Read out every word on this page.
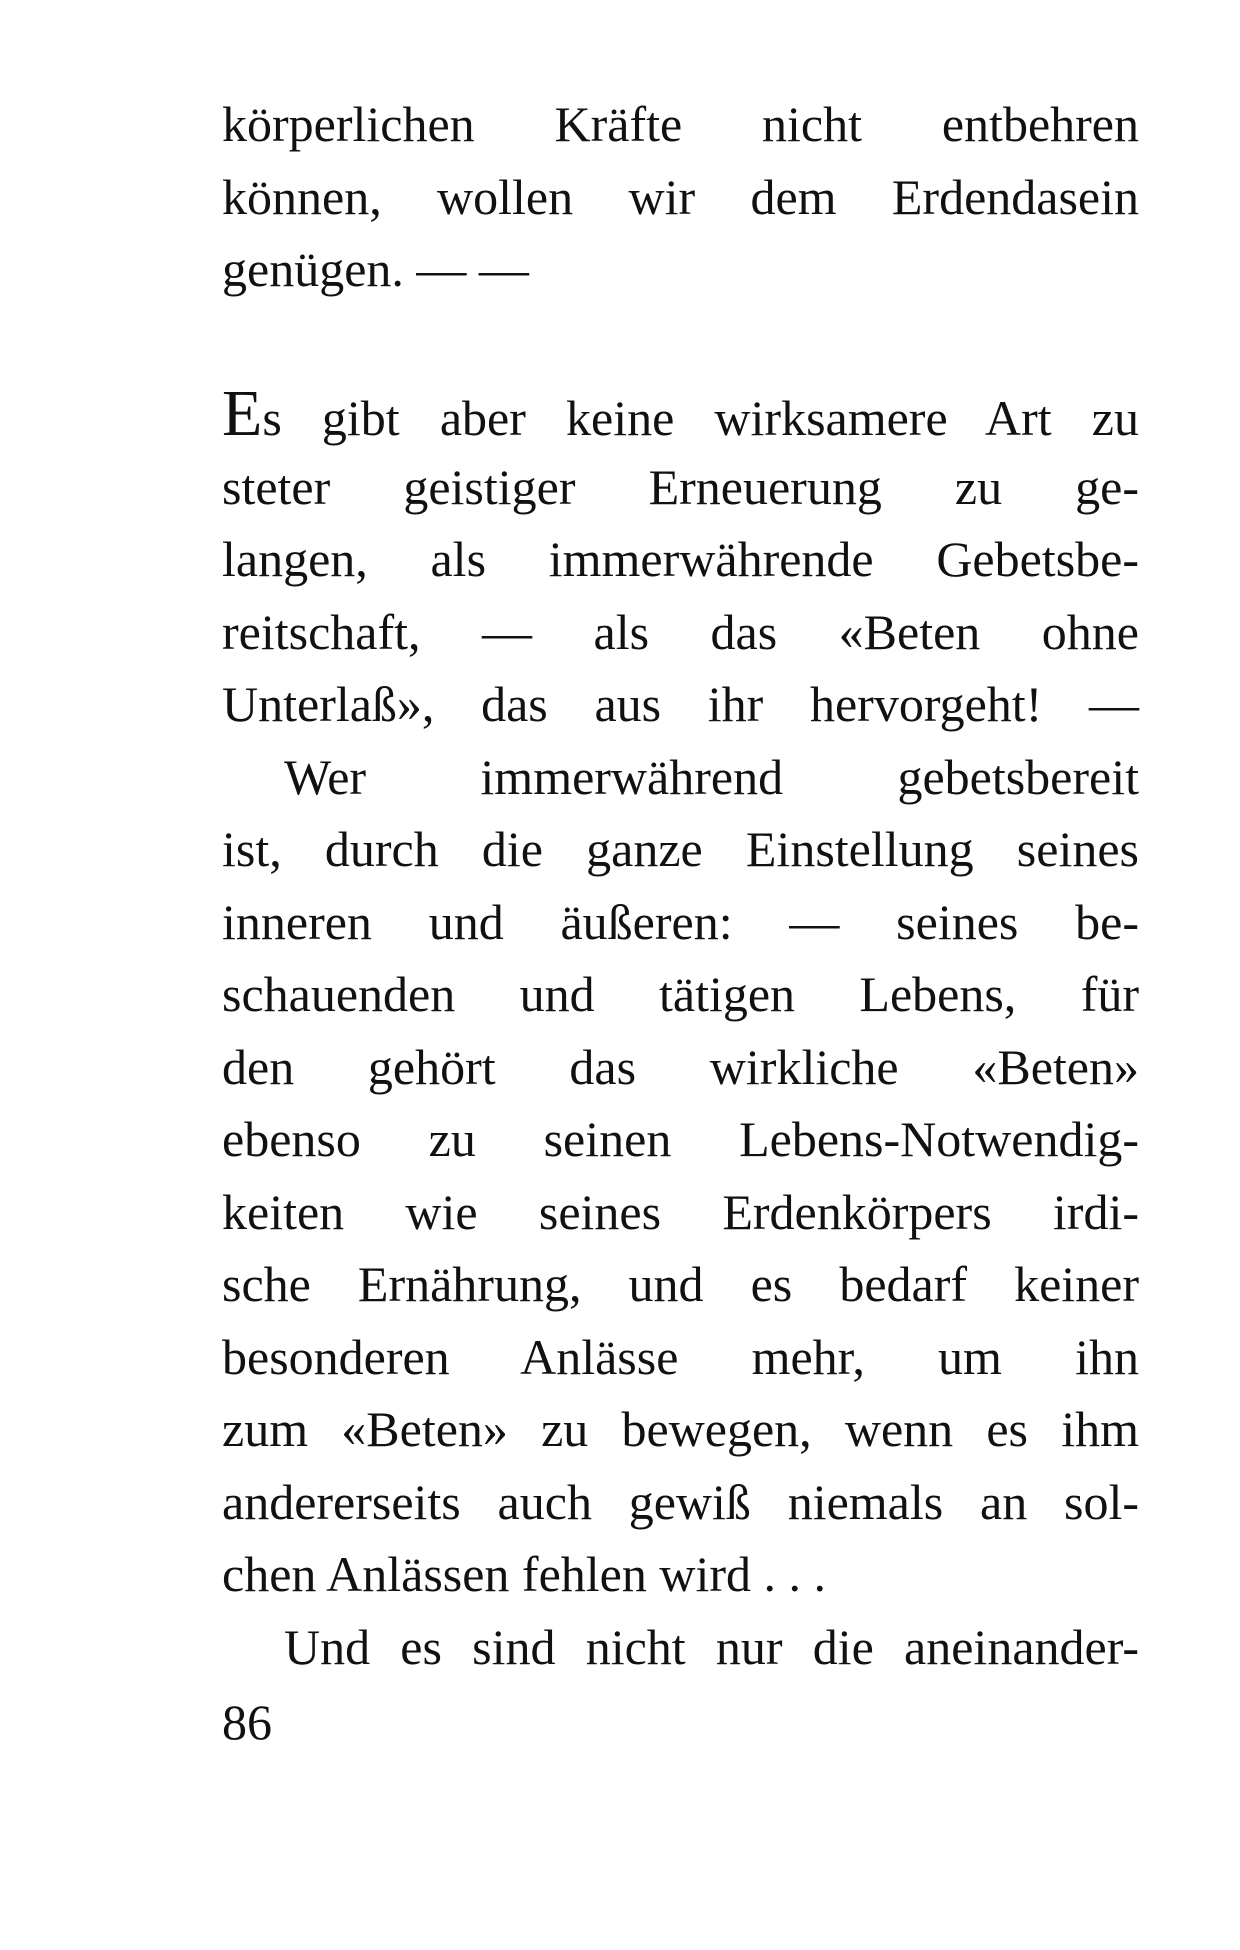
körperlichen Kräfte nicht entbehren
können, wollen wir dem Erdendasein
genügen. — —
Es gibt aber keine wirksamere Art zu
steter geistiger Erneuerung zu ge-
langen, als immerwährende Gebetsbe-
reitschaft, — als das «Beten ohne
Unterlaß», das aus ihr hervorgeht! —
Wer immerwährend gebetsbereit
ist, durch die ganze Einstellung seines
inneren und äußeren: — seines be-
schauenden und tätigen Lebens, für
den gehört das wirkliche «Beten»
ebenso zu seinen Lebens-Notwendig-
keiten wie seines Erdenkörpers irdi-
sche Ernährung, und es bedarf keiner
besonderen Anlässe mehr, um ihn
zum «Beten» zu bewegen, wenn es ihm
andererseits auch gewiß niemals an sol-
chen Anlässen fehlen wird . . .
Und es sind nicht nur die aneinander-
86
